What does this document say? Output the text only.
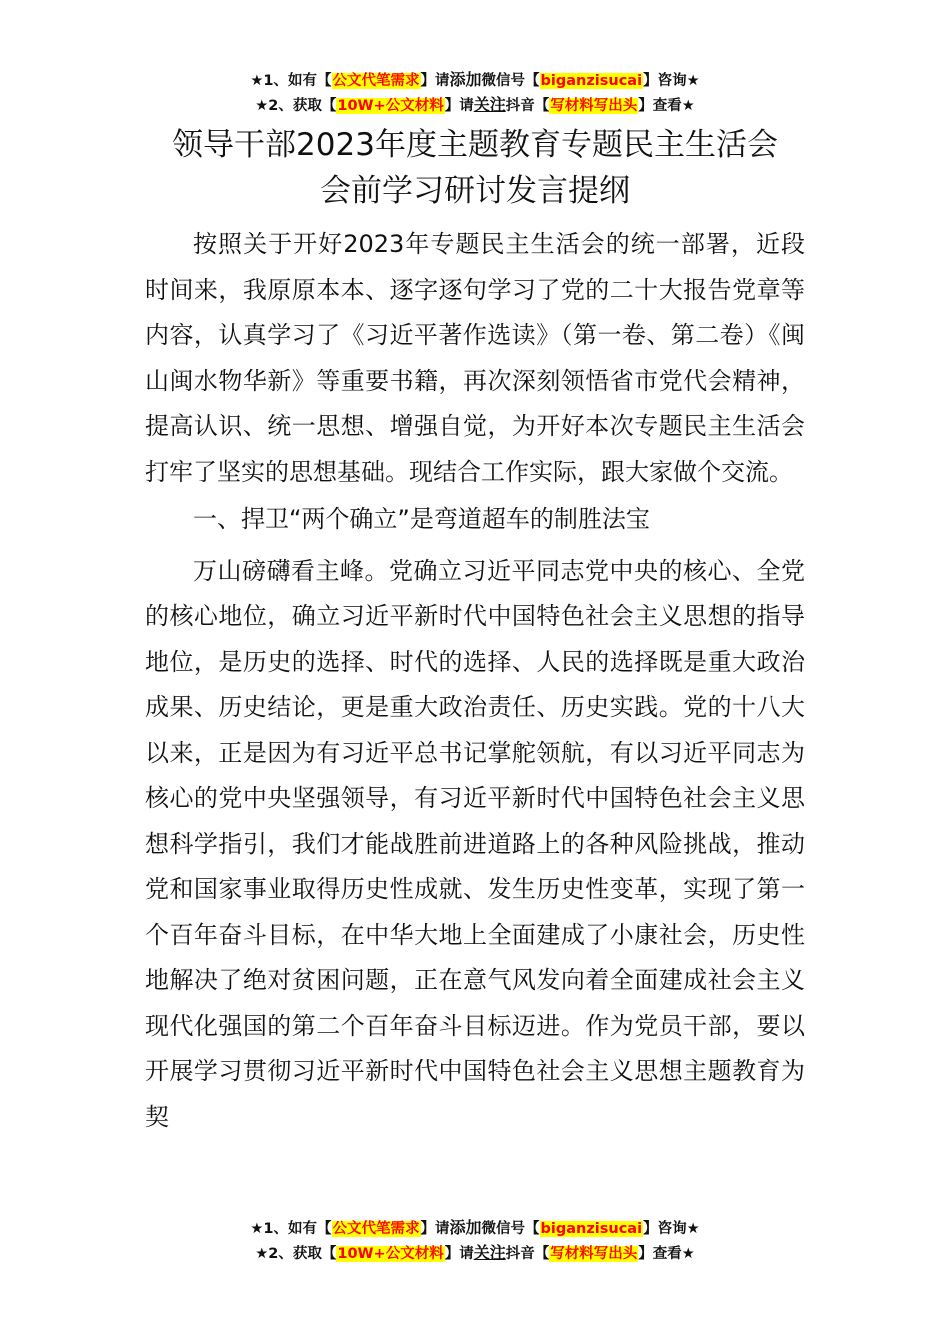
★1、如有【公文代笔需求】请添加微信号【biganzisucai】咨询★
★2、获取【10W+公文材料】请关注抖音【写材料写出头】查看★
领导干部2023年度主题教育专题民主生活会
会前学习研讨发言提纲

按照关于开好2023年专题民主生活会的统一部署，近段时间来，我原原本本、逐字逐句学习了党的二十大报告党章等内容，认真学习了《习近平著作选读》（第一卷、第二卷）《闽山闽水物华新》等重要书籍，再次深刻领悟省市党代会精神，提高认识、统一思想、增强自觉，为开好本次专题民主生活会打牢了坚实的思想基础。现结合工作实际，跟大家做个交流。

一、捍卫“两个确立”是弯道超车的制胜法宝

万山磅礴看主峰。党确立习近平同志党中央的核心、全党的核心地位，确立习近平新时代中国特色社会主义思想的指导地位，是历史的选择、时代的选择、人民的选择既是重大政治成果、历史结论，更是重大政治责任、历史实践。党的十八大以来，正是因为有习近平总书记掌舵领航，有以习近平同志为核心的党中央坚强领导，有习近平新时代中国特色社会主义思想科学指引，我们才能战胜前进道路上的各种风险挑战，推动党和国家事业取得历史性成就、发生历史性变革，实现了第一个百年奋斗目标，在中华大地上全面建成了小康社会，历史性地解决了绝对贫困问题，正在意气风发向着全面建成社会主义现代化强国的第二个百年奋斗目标迈进。作为党员干部，要以开展学习贯彻习近平新时代中国特色社会主义思想主题教育为契

★1、如有【公文代笔需求】请添加微信号【biganzisucai】咨询★
★2、获取【10W+公文材料】请关注抖音【写材料写出头】查看★
